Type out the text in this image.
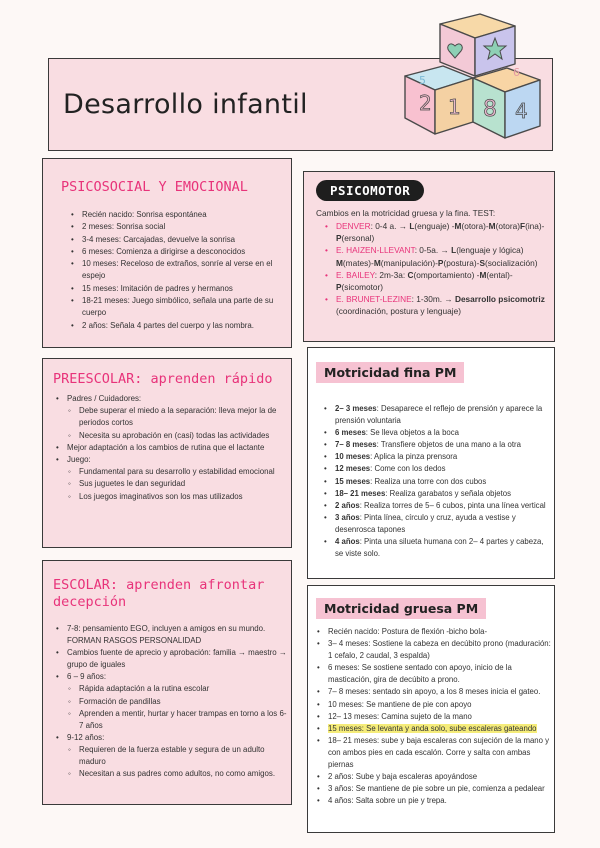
Desarrollo infantil	2 1 8 4
5
6
PSICOSOCIAL Y EMOCIONAL
• Recién nacido: Sonrisa espontánea
• 2 meses: Sonrisa social
• 3-4 meses: Carcajadas, devuelve la sonrisa
• 6 meses: Comienza a dirigirse a desconocidos
• 10 meses: Receloso de extraños, sonríe al verse en el espejo
• 15 meses: Imitación de padres y hermanos
• 18-21 meses: Juego simbólico, señala una parte de su cuerpo
• 2 años: Señala 4 partes del cuerpo y las nombra.
PREESCOLAR: aprenden rápido
• Padres / Cuidadores:
◦ Debe superar el miedo a la separación: lleva mejor la de periodos cortos
◦ Necesita su aprobación en (casi) todas las actividades
• Mejor adaptación a los cambios de rutina que el lactante
• Juego:
◦ Fundamental para su desarrollo y estabilidad emocional
◦ Sus juguetes le dan seguridad
◦ Los juegos imaginativos son los mas utilizados
ESCOLAR: aprenden afrontar decepción
• 7-8: pensamiento EGO, incluyen a amigos en su mundo. FORMAN RASGOS PERSONALIDAD
• Cambios fuente de aprecio y aprobación: familia → maestro → grupo de iguales
• 6 – 9 años:
◦ Rápida adaptación a la rutina escolar
◦ Formación de pandillas
◦ Aprenden a mentir, hurtar y hacer trampas en torno a los 6-7 años
• 9-12 años:
◦ Requieren de la fuerza estable y segura de un adulto maduro
◦ Necesitan a sus padres como adultos, no como amigos.
PSICOMOTOR
Cambios en la motricidad gruesa y la fina. TEST:
• DENVER: 0-4 a. → L(enguaje) -M(otora)-M(otora)F(ina)- P(ersonal)
• E. HAIZEN-LLEVANT: 0-5a. → L(lenguaje y lógica) M(mates)-M(manipulación)-P(postura)-S(socialización)
• E. BAILEY: 2m-3a: C(omportamiento) -M(ental)-P(sicomotor)
• E. BRUNET-LEZINE: 1-30m. → Desarrollo psicomotriz (coordinación, postura y lenguaje)
Motricidad fina PM
• 2– 3 meses: Desaparece el reflejo de prensión y aparece la prensión voluntaria
• 6 meses: Se lleva objetos a la boca
• 7– 8 meses: Transfiere objetos de una mano a la otra
• 10 meses: Aplica la pinza prensora
• 12 meses: Come con los dedos
• 15 meses: Realiza una torre con dos cubos
• 18– 21 meses: Realiza garabatos y señala objetos
• 2 años: Realiza torres de 5– 6 cubos, pinta una línea vertical
• 3 años: Pinta línea, círculo y cruz, ayuda a vestise y desenrosca tapones
• 4 años: Pinta una silueta humana con 2– 4 partes y cabeza, se viste solo.
Motricidad gruesa PM
• Recién nacido: Postura de flexión -bicho bola-
• 3– 4 meses: Sostiene la cabeza en decúbito prono (maduración: 1 cefalo, 2 caudal, 3 espalda)
• 6 meses: Se sostiene sentado con apoyo, inicio de la masticación, gira de decúbito a prono.
• 7– 8 meses: sentado sin apoyo, a los 8 meses inicia el gateo.
• 10 meses: Se mantiene de pie con apoyo
• 12– 13 meses: Camina sujeto de la mano
• 15 meses: Se levanta y anda solo, sube escaleras gateando
• 18– 21 meses: sube y baja escaleras con sujeción de la mano y con ambos pies en cada escalón. Corre y salta con ambas piernas
• 2 años: Sube y baja escaleras apoyándose
• 3 años: Se mantiene de pie sobre un pie, comienza a pedalear
• 4 años: Salta sobre un pie y trepa.
